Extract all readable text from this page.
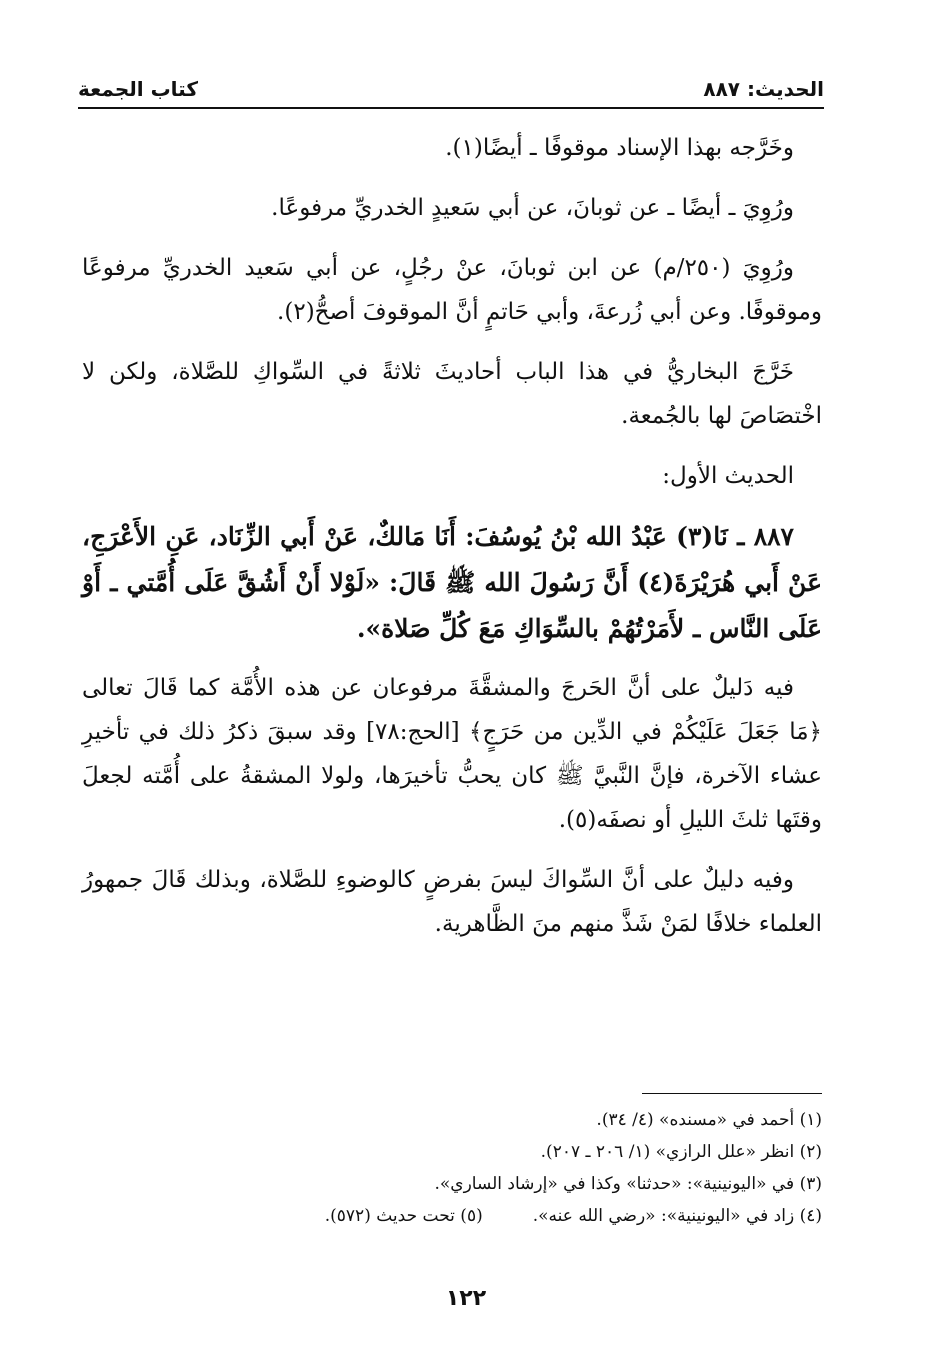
الحديث: ٨٨٧
كتاب الجمعة

وخَرَّجه بهذا الإسناد موقوفًا ـ أيضًا(١).

ورُوِيَ ـ أيضًا ـ عن ثوبانَ، عن أبي سَعيدٍ الخدريِّ مرفوعًا.

ورُوِيَ (٢٥٠/م) عن ابن ثوبانَ، عنْ رجُلٍ، عن أبي سَعيد الخدريِّ مرفوعًا وموقوفًا. وعن أبي زُرعةَ، وأبي حَاتمٍ أنَّ الموقوفَ أصحُّ(٢).

خَرَّجَ البخاريُّ في هذا الباب أحاديثَ ثلاثةً في السِّواكِ للصَّلاة، ولكن لا اخْتصَاصَ لها بالجُمعة.

الحديث الأول:

٨٨٧ ـ نَا(٣) عَبْدُ الله بْنُ يُوسُفَ: أَنَا مَالكٌ، عَنْ أَبي الزِّنَاد، عَنِ الأَعْرَجِ، عَنْ أَبي هُرَيْرَةَ(٤) أَنَّ رَسُولَ الله ﷺ قَالَ: «لَوْلا أَنْ أَشُقَّ عَلَى أُمَّتي ـ أَوْ عَلَى النَّاس ـ لأَمَرْتُهُمْ بالسِّوَاكِ مَعَ كُلِّ صَلاة».

فيه دَليلٌ على أنَّ الحَرجَ والمشقَّةَ مرفوعان عن هذه الأُمَّة كما قَالَ تعالى ﴿مَا جَعَلَ عَلَيْكُمْ في الدِّين من حَرَجٍ﴾ [الحج:٧٨] وقد سبقَ ذكرُ ذلك في تأخيرِ عشاء الآخرة، فإنَّ النَّبيَّ ﷺ كان يحبُّ تأخيرَها، ولولا المشقةُ على أُمَّته لجعلَ وقتَها ثلثَ الليلِ أو نصفَه(٥).

وفيه دليلٌ على أنَّ السِّواكَ ليسَ بفرضٍ كالوضوءِ للصَّلاة، وبذلك قَالَ جمهورُ العلماء خلافًا لمَنْ شَذَّ منهم منَ الظَّاهرية.

(١) أحمد في «مسنده» (٤/ ٣٤).

(٢) انظر «علل الرازي» (١/ ٢٠٦ ـ ٢٠٧).

(٣) في «اليونينية»: «حدثنا» وكذا في «إرشاد الساري».

(٤) زاد في «اليونينية»: «رضي الله عنه».
(٥) تحت حديث (٥٧٢).
١٢٢
